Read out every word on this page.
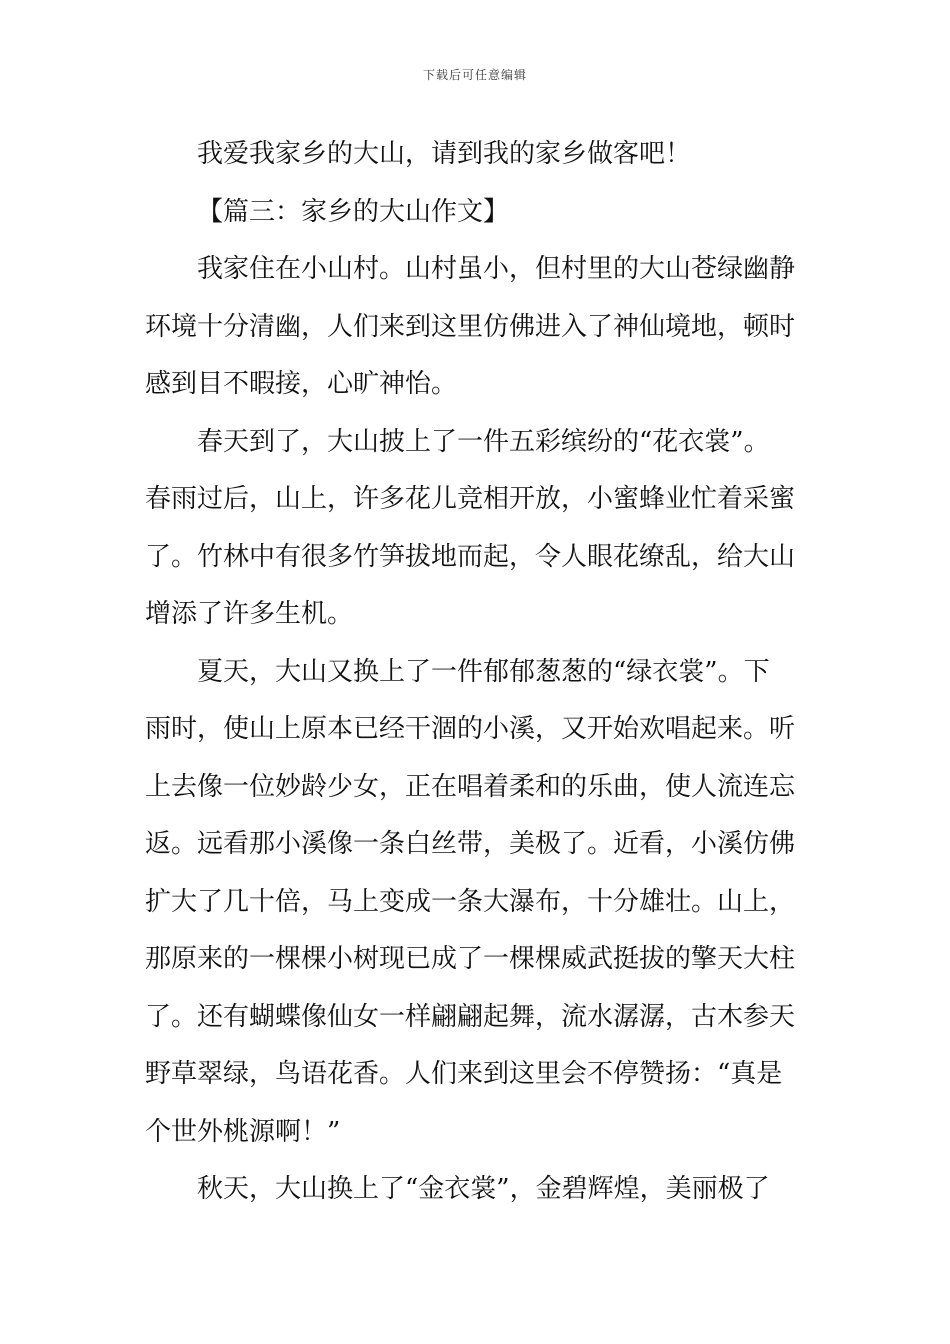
下载后可任意编辑
我爱我家乡的大山，请到我的家乡做客吧！
【篇三：家乡的大山作文】
我家住在小山村。山村虽小，但村里的大山苍绿幽静
环境十分清幽，人们来到这里仿佛进入了神仙境地，顿时
感到目不暇接，心旷神怡。
春天到了，大山披上了一件五彩缤纷的“花衣裳”。
春雨过后，山上，许多花儿竞相开放，小蜜蜂业忙着采蜜
了。竹林中有很多竹笋拔地而起，令人眼花缭乱，给大山
增添了许多生机。
夏天，大山又换上了一件郁郁葱葱的“绿衣裳”。下
雨时，使山上原本已经干涸的小溪，又开始欢唱起来。听
上去像一位妙龄少女，正在唱着柔和的乐曲，使人流连忘
返。远看那小溪像一条白丝带，美极了。近看，小溪仿佛
扩大了几十倍，马上变成一条大瀑布，十分雄壮。山上，
那原来的一棵棵小树现已成了一棵棵威武挺拔的擎天大柱
了。还有蝴蝶像仙女一样翩翩起舞，流水潺潺，古木参天
野草翠绿，鸟语花香。人们来到这里会不停赞扬：“真是
个世外桃源啊！”
秋天，大山换上了“金衣裳”，金碧辉煌，美丽极了
